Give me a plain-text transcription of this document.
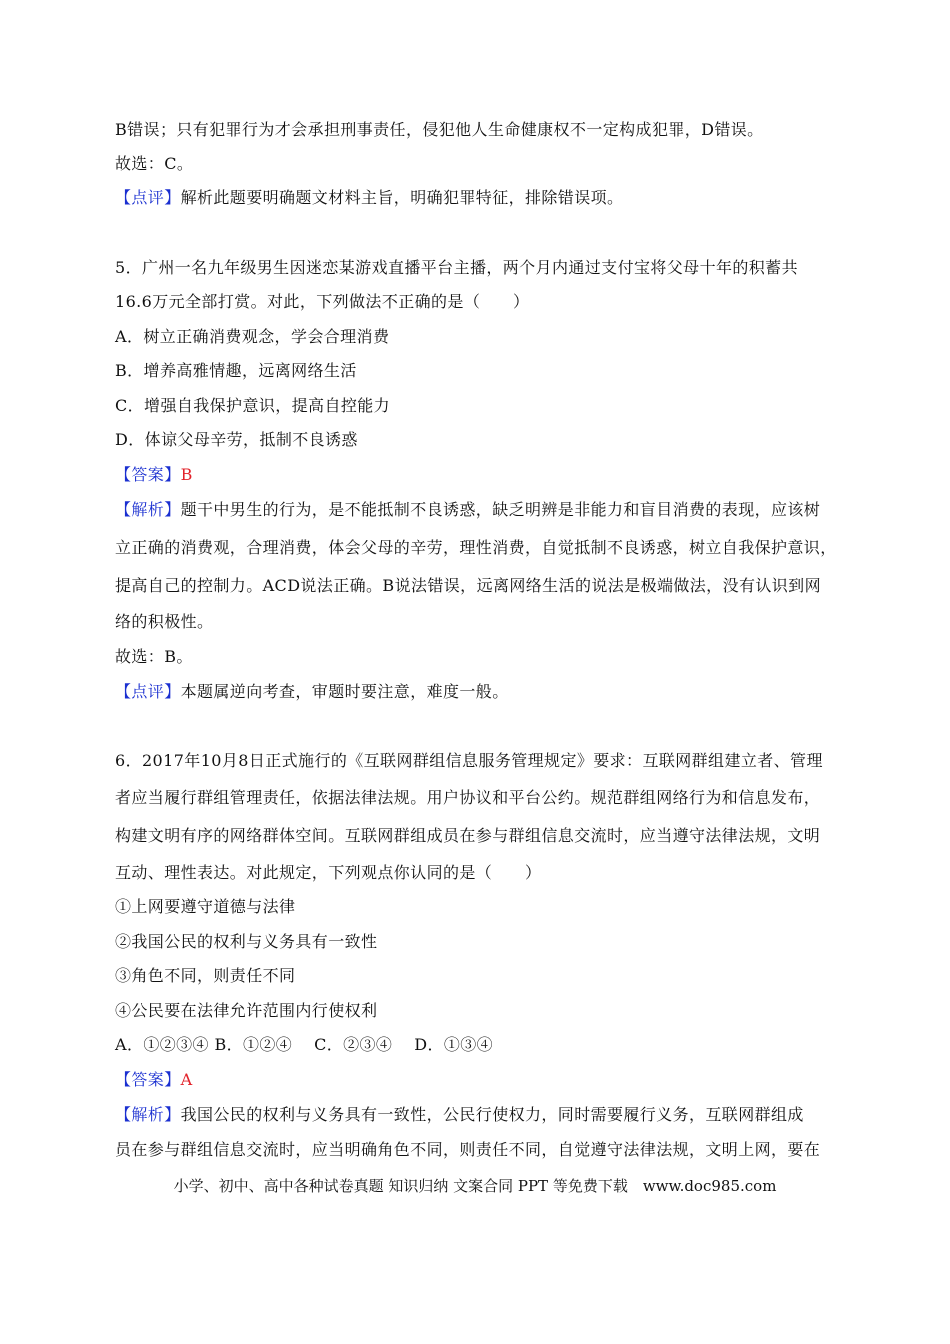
B错误；只有犯罪行为才会承担刑事责任，侵犯他人生命健康权不一定构成犯罪，D错误。
故选：C。
【点评】解析此题要明确题文材料主旨，明确犯罪特征，排除错误项。
5．广州一名九年级男生因迷恋某游戏直播平台主播，两个月内通过支付宝将父母十年的积蓄共
16.6万元全部打赏。对此，下列做法不正确的是（　　）
A．树立正确消费观念，学会合理消费
B．增养高雅情趣，远离网络生活
C．增强自我保护意识，提高自控能力
D．体谅父母辛劳，抵制不良诱惑
【答案】B
【解析】题干中男生的行为，是不能抵制不良诱惑，缺乏明辨是非能力和盲目消费的表现，应该树
立正确的消费观，合理消费，体会父母的辛劳，理性消费，自觉抵制不良诱惑，树立自我保护意识，
提高自己的控制力。ACD说法正确。B说法错误，远离网络生活的说法是极端做法，没有认识到网
络的积极性。
故选：B。
【点评】本题属逆向考查，审题时要注意，难度一般。
6．2017年10月8日正式施行的《互联网群组信息服务管理规定》要求：互联网群组建立者、管理
者应当履行群组管理责任，依据法律法规。用户协议和平台公约。规范群组网络行为和信息发布，
构建文明有序的网络群体空间。互联网群组成员在参与群组信息交流时，应当遵守法律法规，文明
互动、理性表达。对此规定，下列观点你认同的是（　　）
①上网要遵守道德与法律
②我国公民的权利与义务具有一致性
③角色不同，则责任不同
④公民要在法律允许范围内行使权利
A．①②③④ B．①②④　 C．②③④　 D．①③④
【答案】A
【解析】我国公民的权利与义务具有一致性，公民行使权力，同时需要履行义务，互联网群组成
员在参与群组信息交流时，应当明确角色不同，则责任不同，自觉遵守法律法规，文明上网，要在
小学、初中、高中各种试卷真题 知识归纳 文案合同 PPT 等免费下载　www.doc985.com
